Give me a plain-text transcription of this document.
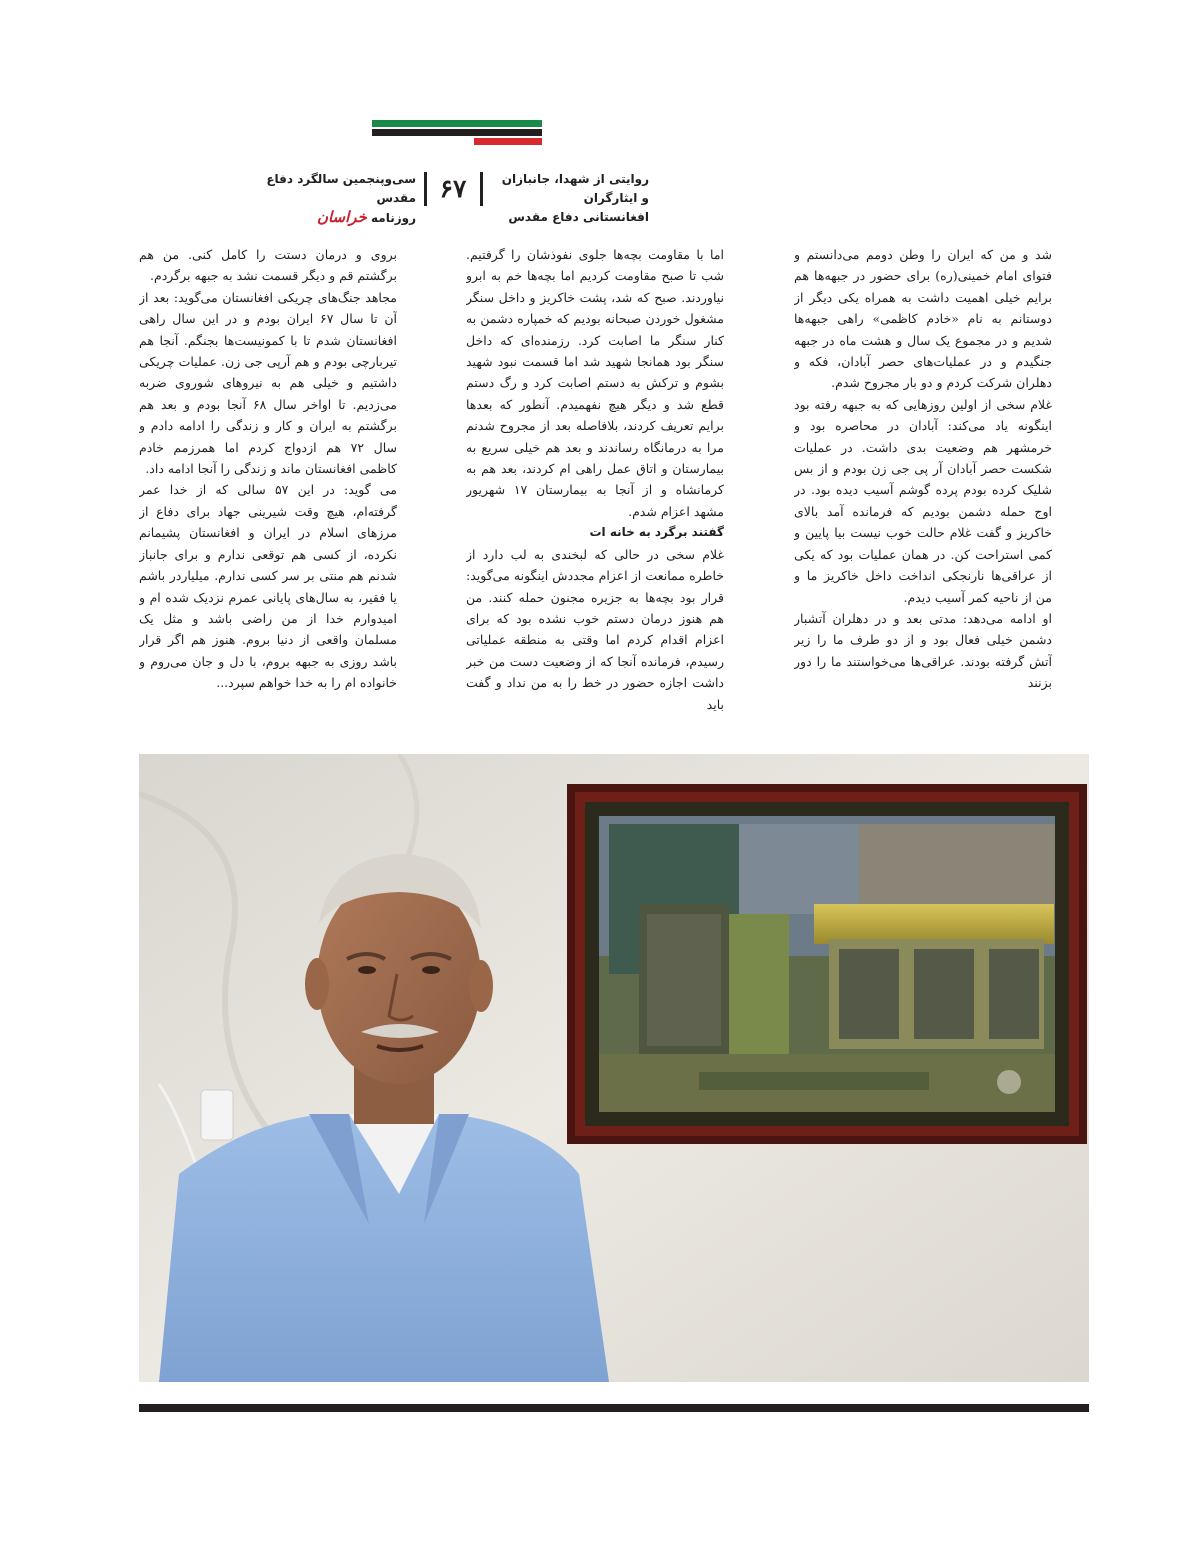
روایتی از شهدا، جانبازان و ایثارگران
افغانستانی دفاع مقدس
۶۷
سی‌و‌پنجمین سالگرد دفاع مقدس
روزنامه خراسان

شد و من که ایران را وطن دومم می‌دانستم و فتوای امام خمینی(ره) برای حضور در جبهه‌ها هم برایم خیلی اهمیت داشت به همراه یکی دیگر از دوستانم به نام «خادم کاظمی» راهی جبهه‌ها شدیم و در مجموع یک سال و هشت ماه در جبهه جنگیدم و در عملیات‌های حصر آبادان، فکه و دهلران شرکت کردم و دو بار مجروح شدم.

غلام سخی از اولین روزهایی که به جبهه رفته بود اینگونه یاد می‌کند: آبادان در محاصره بود و خرمشهر هم وضعیت بدی داشت. در عملیات شکست حصر آبادان آر پی جی زن بودم و از بس شلیک کرده بودم پرده گوشم آسیب دیده بود. در اوج حمله دشمن بودیم که فرمانده آمد بالای خاکریز و گفت غلام حالت خوب نیست بیا پایین و کمی استراحت کن. در همان عملیات بود که یکی از عراقی‌ها نارنجکی انداخت داخل خاکریز ما و من از ناحیه کمر آسیب دیدم.

او ادامه می‌دهد: مدتی بعد و در دهلران آتشبار دشمن خیلی فعال بود و از دو طرف ما را زیر آتش گرفته بودند. عراقی‌ها می‌خواستند ما را دور بزنند

اما با مقاومت بچه‌ها جلوی نفوذشان را گرفتیم. شب تا صبح مقاومت کردیم اما بچه‌ها خم به ابرو نیاوردند. صبح که شد، پشت خاکریز و داخل سنگر مشغول خوردن صبحانه بودیم که خمپاره دشمن به کنار سنگر ما اصابت کرد. رزمنده‌ای که داخل سنگر بود همانجا شهید شد اما قسمت نبود شهید بشوم و ترکش به دستم اصابت کرد و رگ دستم قطع شد و دیگر هیچ نفهمیدم. آنطور که بعدها برایم تعریف کردند، بلافاصله بعد از مجروح شدنم مرا به درمانگاه رساندند و بعد هم خیلی سریع به بیمارستان و اتاق عمل راهی ام کردند، بعد هم به کرمانشاه و از آنجا به بیمارستان ۱۷ شهریور مشهد اعزام شدم.

گفتند برگرد به خانه ات

غلام سخی در حالی که لبخندی به لب دارد از خاطره ممانعت از اعزام مجددش اینگونه می‌گوید: قرار بود بچه‌ها به جزیره مجنون حمله کنند. من هم هنوز درمان دستم خوب نشده بود که برای اعزام اقدام کردم اما وقتی به منطقه عملیاتی رسیدم، فرمانده آنجا که از وضعیت دست من خبر داشت اجازه حضور در خط را به من نداد و گفت باید

بروی و درمان دستت را کامل کنی. من هم برگشتم قم و دیگر قسمت نشد به جبهه برگردم.

مجاهد جنگ‌های چریکی افغانستان می‌گوید: بعد از آن تا سال ۶۷ ایران بودم و در این سال راهی افغانستان شدم تا با کمونیست‌ها بجنگم. آنجا هم تیربارچی بودم و هم آرپی جی زن. عملیات چریکی داشتیم و خیلی هم به نیروهای شوروی ضربه می‌زدیم. تا اواخر سال ۶۸ آنجا بودم و بعد هم برگشتم به ایران و کار و زندگی را ادامه دادم و سال ۷۲ هم ازدواج کردم اما همرزمم خادم کاظمی افغانستان ماند و زندگی را آنجا ادامه داد.

می گوید: در این ۵۷ سالی که از خدا عمر گرفته‌ام، هیچ وقت شیرینی جهاد برای دفاع از مرزهای اسلام در ایران و افغانستان پشیمانم نکرده، از کسی هم توقعی ندارم و برای جانباز شدنم هم منتی بر سر کسی ندارم. میلیاردر باشم یا فقیر، به سال‌های پایانی عمرم نزدیک شده ام و امیدوارم خدا از من راضی باشد و مثل یک مسلمان واقعی از دنیا بروم. هنوز هم اگر قرار باشد روزی به جبهه بروم، با دل و جان می‌روم و خانواده ام را به خدا خواهم سپرد...
